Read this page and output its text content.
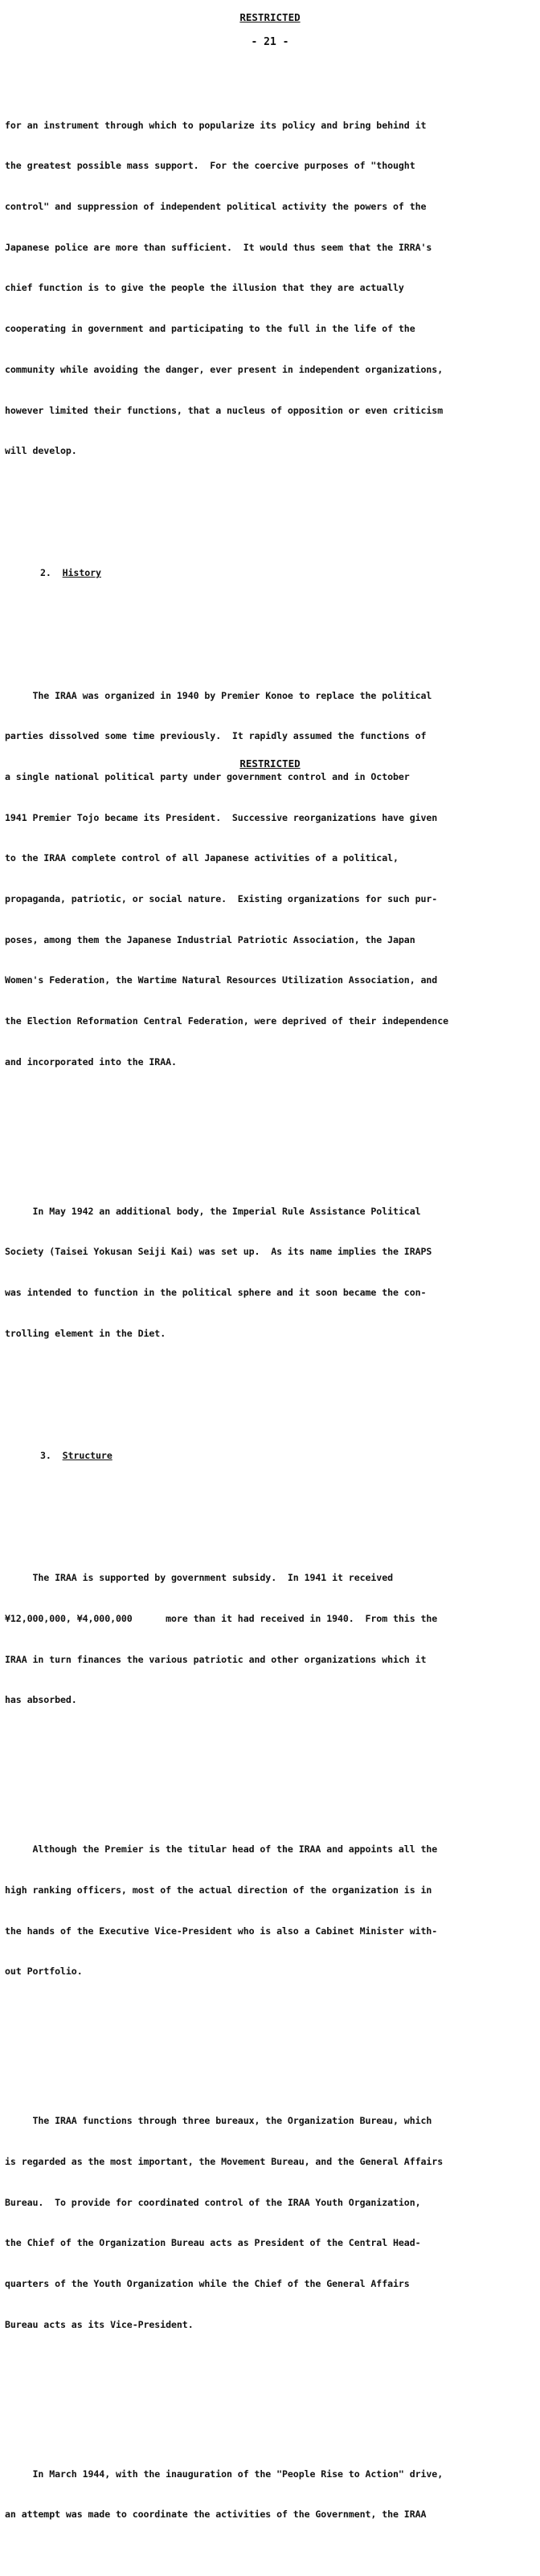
RESTRICTED
- 21 -

for an instrument through which to popularize its policy and bring behind it

the greatest possible mass support.  For the coercive purposes of "thought

control" and suppression of independent political activity the powers of the

Japanese police are more than sufficient.  It would thus seem that the IRRA's

chief function is to give the people the illusion that they are actually

cooperating in government and participating to the full in the life of the

community while avoiding the danger, ever present in independent organizations,

however limited their functions, that a nucleus of opposition or even criticism

will develop.

2. History

The IRAA was organized in 1940 by Premier Konoe to replace the political

parties dissolved some time previously.  It rapidly assumed the functions of

a single national political party under government control and in October

1941 Premier Tojo became its President.  Successive reorganizations have given

to the IRAA complete control of all Japanese activities of a political,

propaganda, patriotic, or social nature.  Existing organizations for such pur-

poses, among them the Japanese Industrial Patriotic Association, the Japan

Women's Federation, the Wartime Natural Resources Utilization Association, and

the Election Reformation Central Federation, were deprived of their independence

and incorporated into the IRAA.

In May 1942 an additional body, the Imperial Rule Assistance Political

Society (Taisei Yokusan Seiji Kai) was set up.  As its name implies the IRAPS

was intended to function in the political sphere and it soon became the con-

trolling element in the Diet.

3. Structure

The IRAA is supported by government subsidy.  In 1941 it received

¥12,000,000, ¥4,000,000      more than it had received in 1940.  From this the

IRAA in turn finances the various patriotic and other organizations which it

has absorbed.

Although the Premier is the titular head of the IRAA and appoints all the

high ranking officers, most of the actual direction of the organization is in

the hands of the Executive Vice-President who is also a Cabinet Minister with-

out Portfolio.

The IRAA functions through three bureaux, the Organization Bureau, which

is regarded as the most important, the Movement Bureau, and the General Affairs

Bureau.  To provide for coordinated control of the IRAA Youth Organization,

the Chief of the Organization Bureau acts as President of the Central Head-

quarters of the Youth Organization while the Chief of the General Affairs

Bureau acts as its Vice-President.

In March 1944, with the inauguration of the "People Rise to Action" drive,

an attempt was made to coordinate the activities of the Government, the IRAA

RESTRICTED
